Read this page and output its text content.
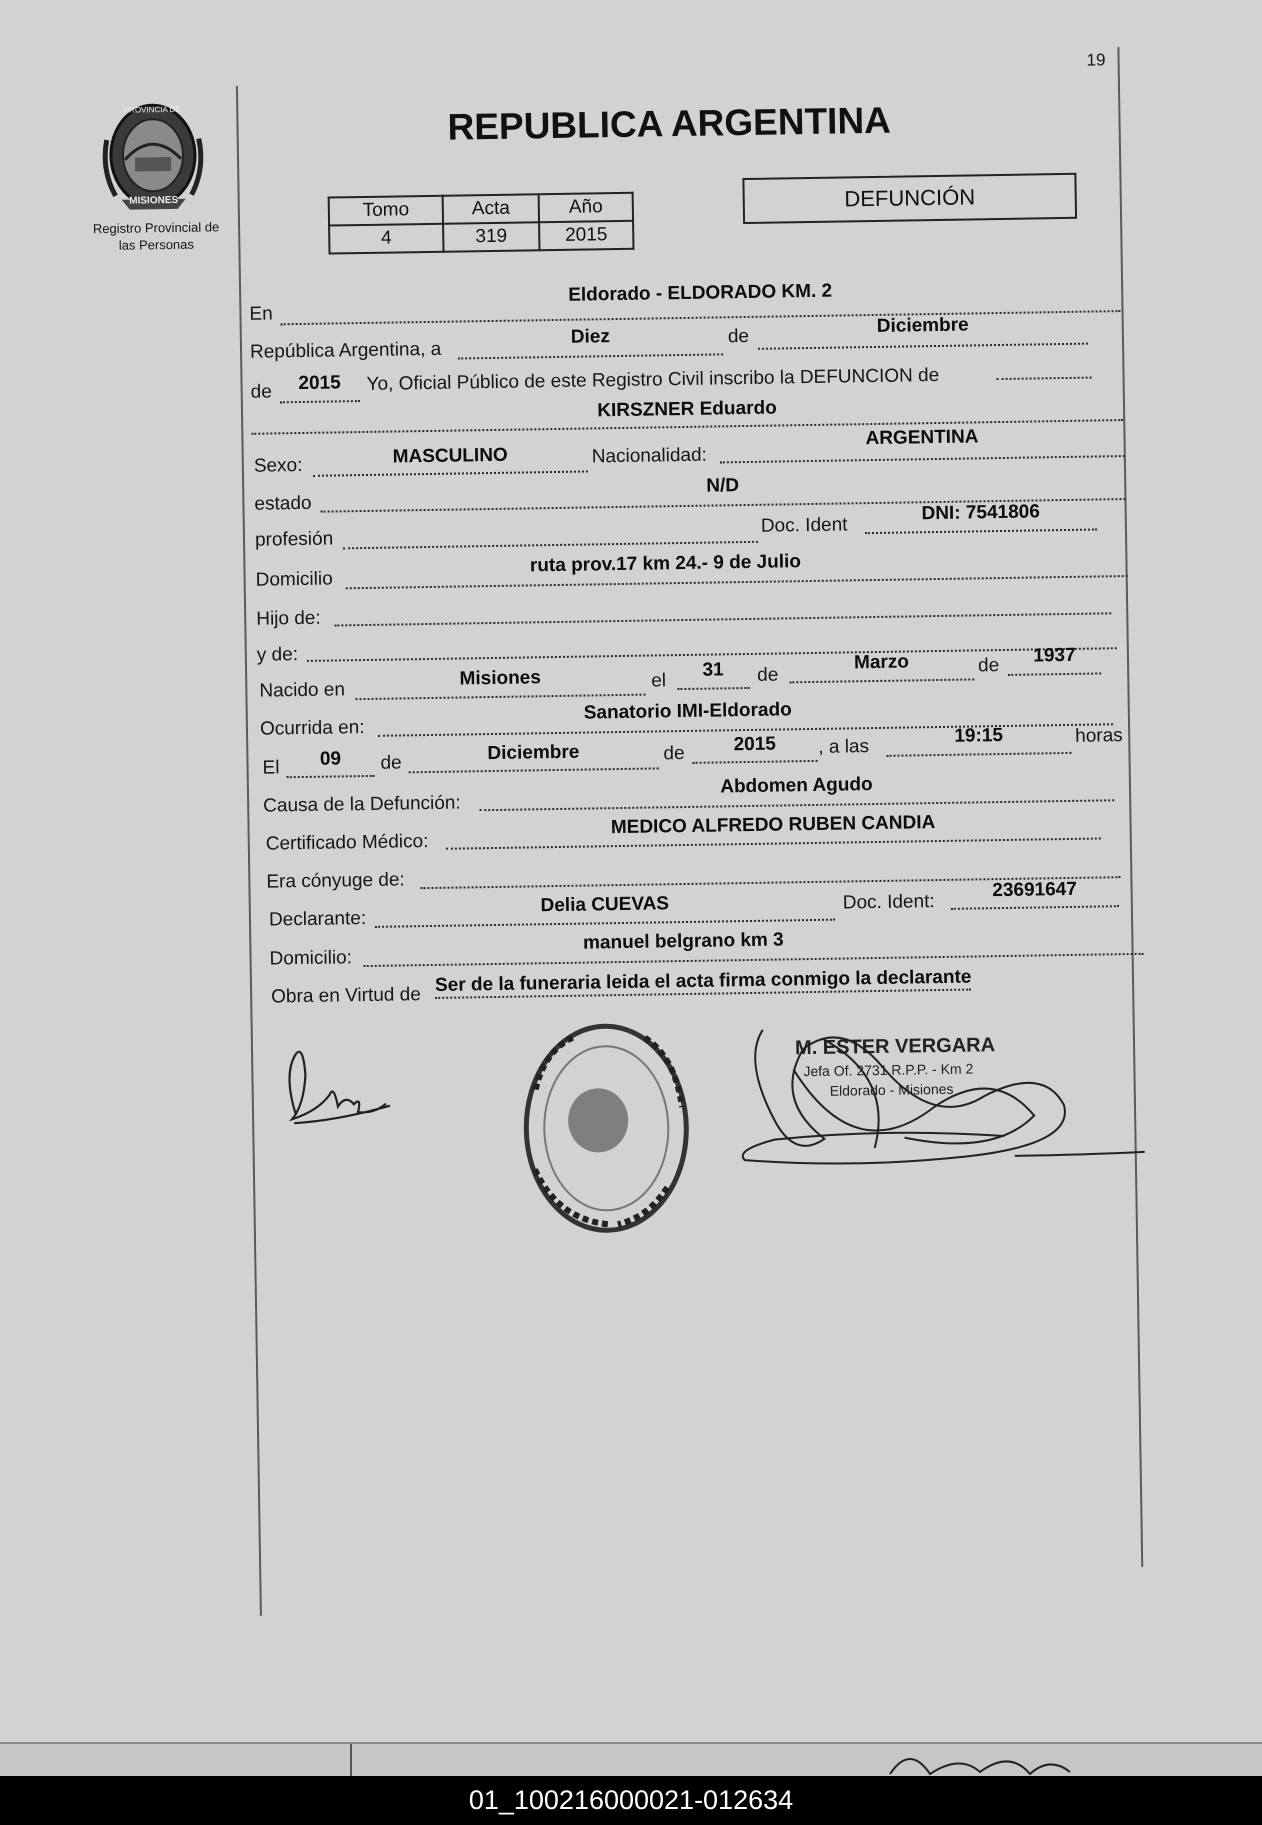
19
PROVINCIA DE
MISIONES
Registro Provincial de
las Personas
REPUBLICA ARGENTINA
Tomo	Acta	Año
4	319	2015
DEFUNCIÓN
En
Eldorado - ELDORADO KM. 2
República Argentina, a
Diez	de	Diciembre
de	2015	Yo, Oficial Público de este Registro Civil inscribo la DEFUNCION de
KIRSZNER Eduardo
Sexo:	MASCULINO	Nacionalidad:
ARGENTINA
estado
N/D
profesión
Doc. Ident
DNI: 7541806
Domicilio
ruta prov.17 km 24.- 9 de Julio
Hijo de:
y de:
Nacido en
Misiones	el
31	de
Marzo	de	1937
Ocurrida en:
Sanatorio IMI-Eldorado
El	09	de	Diciembre	de	2015	, a las
19:15	horas
Causa de la Defunción:
Abdomen Agudo
Certificado Médico:
MEDICO ALFREDO RUBEN CANDIA
Era cónyuge de:
Declarante:
Delia CUEVAS	Doc. Ident:
23691647
Domicilio:
manuel belgrano km 3
Obra en Virtud de Ser de la funeraria leida el acta firma conmigo la declarante
M. ESTER VERGARA
Jefa Of. 2731 R.P.P. - Km 2
Eldorado - Misiones
01_100216000021-012634
